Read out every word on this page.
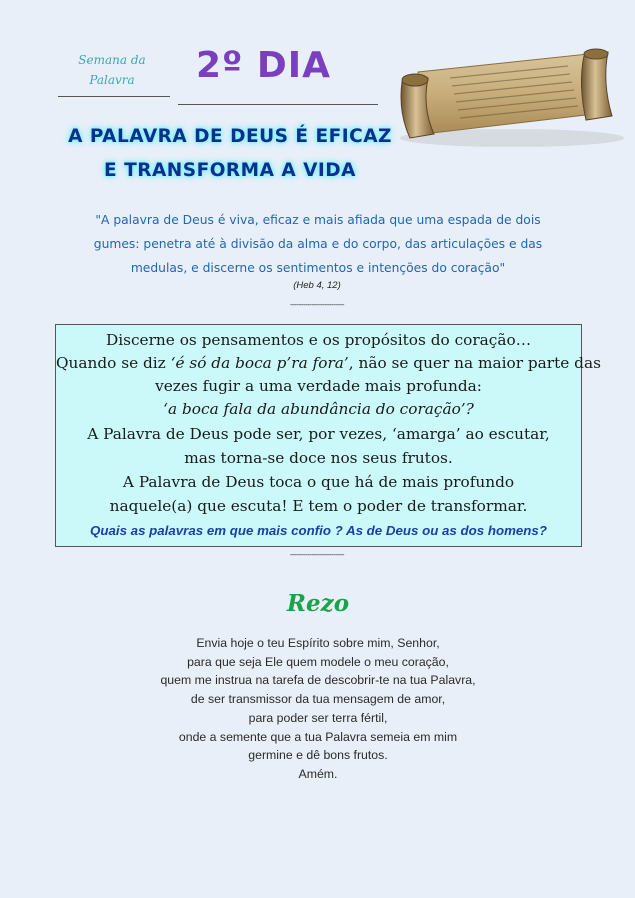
Semana da
Palavra	2º DIA
A PALAVRA DE DEUS É EFICAZ
E TRANSFORMA A VIDA
"A palavra de Deus é viva, eficaz e mais afiada que uma espada de dois
gumes: penetra até à divisão da alma e do corpo, das articulações e das
medulas, e discerne os sentimentos e intenções do coração"
(Heb 4, 12)
-------------------------
Discerne os pensamentos e os propósitos do coração…
Quando se diz ‘é só da boca p’ra fora’, não se quer na maior parte das
vezes fugir a uma verdade mais profunda:
‘a boca fala da abundância do coração’?
A Palavra de Deus pode ser, por vezes, ‘amarga’ ao escutar,
mas torna-se doce nos seus frutos.
A Palavra de Deus toca o que há de mais profundo
naquele(a) que escuta! E tem o poder de transformar.
Quais as palavras em que mais confio ? As de Deus ou as dos homens?
-------------------------
Rezo
Envia hoje o teu Espírito sobre mim, Senhor,
para que seja Ele quem modele o meu coração,
quem me instrua na tarefa de descobrir-te na tua Palavra,
de ser transmissor da tua mensagem de amor,
para poder ser terra fértil,
onde a semente que a tua Palavra semeia em mim
germine e dê bons frutos.
Amém.
